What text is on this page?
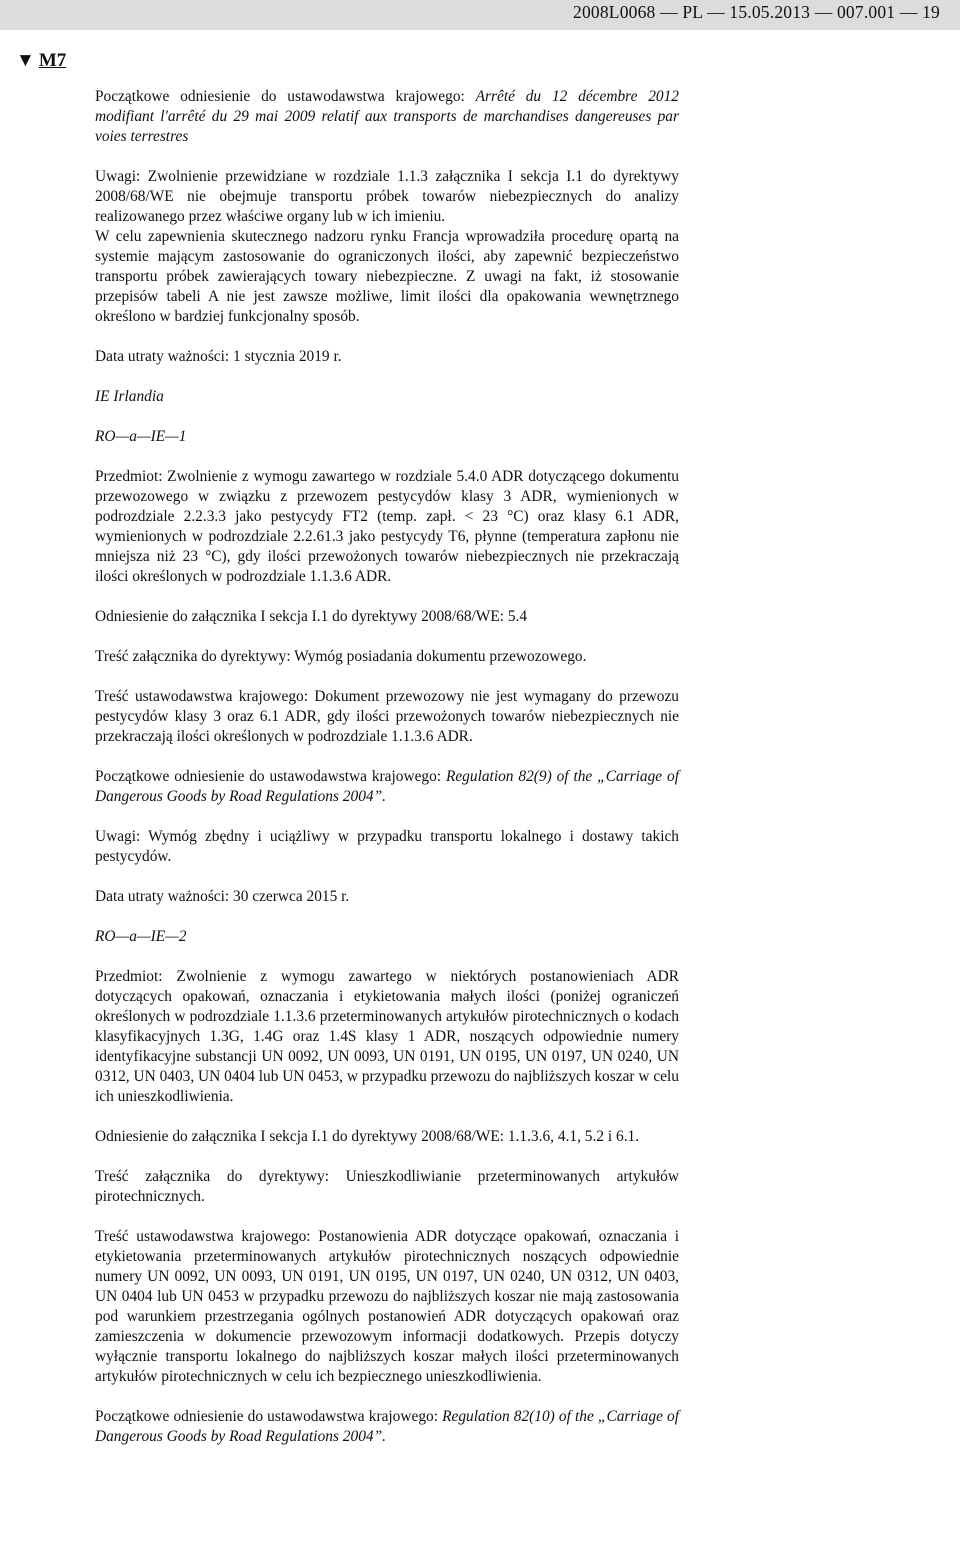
2008L0068 — PL — 15.05.2013 — 007.001 — 19
▼ M7

Początkowe odniesienie do ustawodawstwa krajowego: Arrêté du 12 décembre 2012 modifiant l'arrêté du 29 mai 2009 relatif aux transports de marchandises dangereuses par voies terrestres

Uwagi: Zwolnienie przewidziane w rozdziale 1.1.3 załącznika I sekcja I.1 do dyrektywy 2008/68/WE nie obejmuje transportu próbek towarów niebezpiecznych do analizy realizowanego przez właściwe organy lub w ich imieniu.

W celu zapewnienia skutecznego nadzoru rynku Francja wprowadziła procedurę opartą na systemie mającym zastosowanie do ograniczonych ilości, aby zapewnić bezpieczeństwo transportu próbek zawierających towary niebezpieczne. Z uwagi na fakt, iż stosowanie przepisów tabeli A nie jest zawsze możliwe, limit ilości dla opakowania wewnętrznego określono w bardziej funkcjonalny sposób.

Data utraty ważności: 1 stycznia 2019 r.

IE Irlandia

RO—a—IE—1

Przedmiot: Zwolnienie z wymogu zawartego w rozdziale 5.4.0 ADR dotyczącego dokumentu przewozowego w związku z przewozem pestycydów klasy 3 ADR, wymienionych w podrozdziale 2.2.3.3 jako pestycydy FT2 (temp. zapł. < 23 °C) oraz klasy 6.1 ADR, wymienionych w podrozdziale 2.2.61.3 jako pestycydy T6, płynne (temperatura zapłonu nie mniejsza niż 23 °C), gdy ilości przewożonych towarów niebezpiecznych nie przekraczają ilości określonych w podrozdziale 1.1.3.6 ADR.

Odniesienie do załącznika I sekcja I.1 do dyrektywy 2008/68/WE: 5.4

Treść załącznika do dyrektywy: Wymóg posiadania dokumentu przewozowego.

Treść ustawodawstwa krajowego: Dokument przewozowy nie jest wymagany do przewozu pestycydów klasy 3 oraz 6.1 ADR, gdy ilości przewożonych towarów niebezpiecznych nie przekraczają ilości określonych w podrozdziale 1.1.3.6 ADR.

Początkowe odniesienie do ustawodawstwa krajowego: Regulation 82(9) of the „Carriage of Dangerous Goods by Road Regulations 2004”.

Uwagi: Wymóg zbędny i uciążliwy w przypadku transportu lokalnego i dostawy takich pestycydów.

Data utraty ważności: 30 czerwca 2015 r.

RO—a—IE—2

Przedmiot: Zwolnienie z wymogu zawartego w niektórych postanowieniach ADR dotyczących opakowań, oznaczania i etykietowania małych ilości (poniżej ograniczeń określonych w podrozdziale 1.1.3.6 przeterminowanych artykułów pirotechnicznych o kodach klasyfikacyjnych 1.3G, 1.4G oraz 1.4S klasy 1 ADR, noszących odpowiednie numery identyfikacyjne substancji UN 0092, UN 0093, UN 0191, UN 0195, UN 0197, UN 0240, UN 0312, UN 0403, UN 0404 lub UN 0453, w przypadku przewozu do najbliższych koszar w celu ich unieszkodliwienia.

Odniesienie do załącznika I sekcja I.1 do dyrektywy 2008/68/WE: 1.1.3.6, 4.1, 5.2 i 6.1.

Treść załącznika do dyrektywy: Unieszkodliwianie przeterminowanych artykułów pirotechnicznych.

Treść ustawodawstwa krajowego: Postanowienia ADR dotyczące opakowań, oznaczania i etykietowania przeterminowanych artykułów pirotechnicznych noszących odpowiednie numery UN 0092, UN 0093, UN 0191, UN 0195, UN 0197, UN 0240, UN 0312, UN 0403, UN 0404 lub UN 0453 w przypadku przewozu do najbliższych koszar nie mają zastosowania pod warunkiem przestrzegania ogólnych postanowień ADR dotyczących opakowań oraz zamieszczenia w dokumencie przewozowym informacji dodatkowych. Przepis dotyczy wyłącznie transportu lokalnego do najbliższych koszar małych ilości przeterminowanych artykułów pirotechnicznych w celu ich bezpiecznego unieszkodliwienia.

Początkowe odniesienie do ustawodawstwa krajowego: Regulation 82(10) of the „Carriage of Dangerous Goods by Road Regulations 2004”.
